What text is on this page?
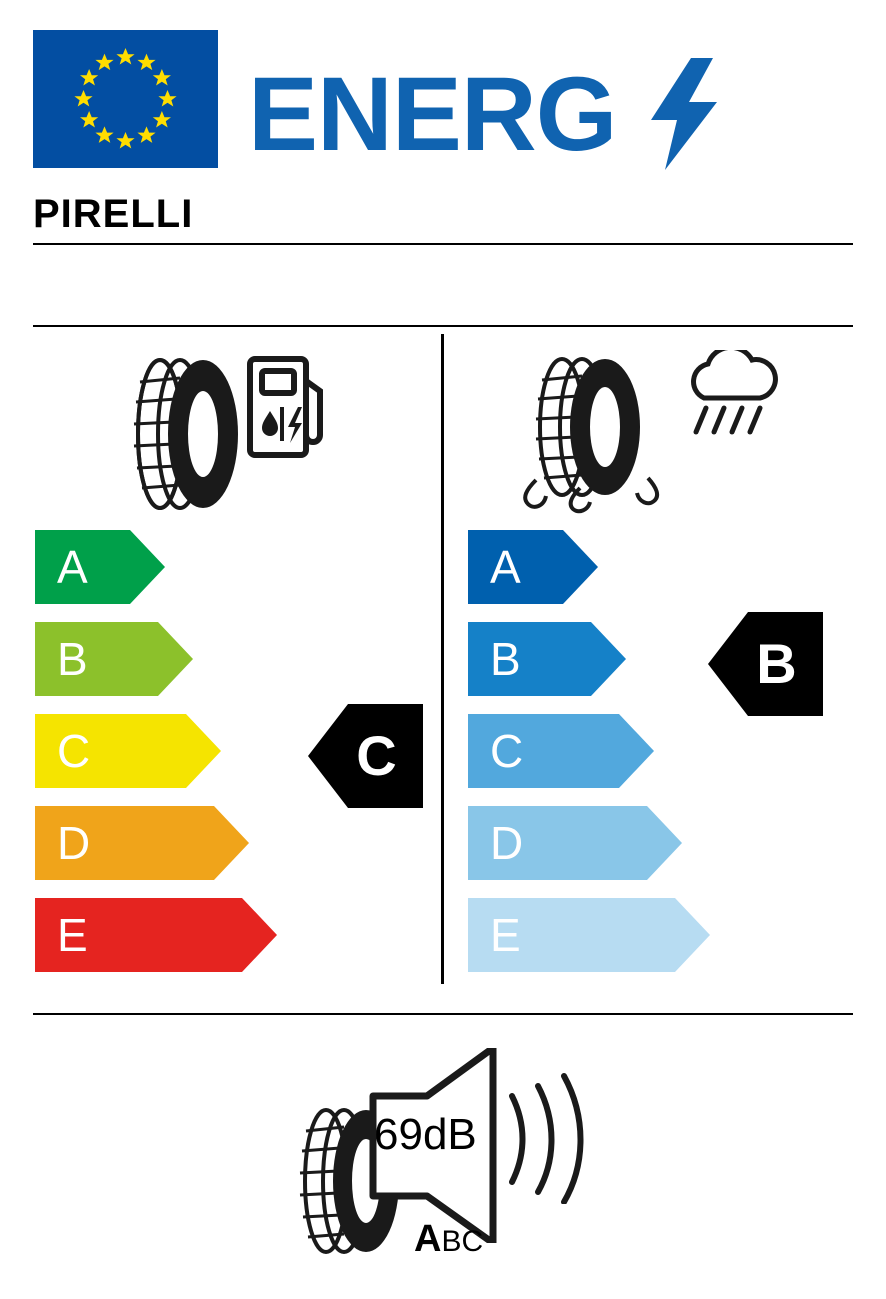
ENERG
PIRELLI
A
B
C
D
E
C
A
B
C
D
E
B
69dB
ABC
